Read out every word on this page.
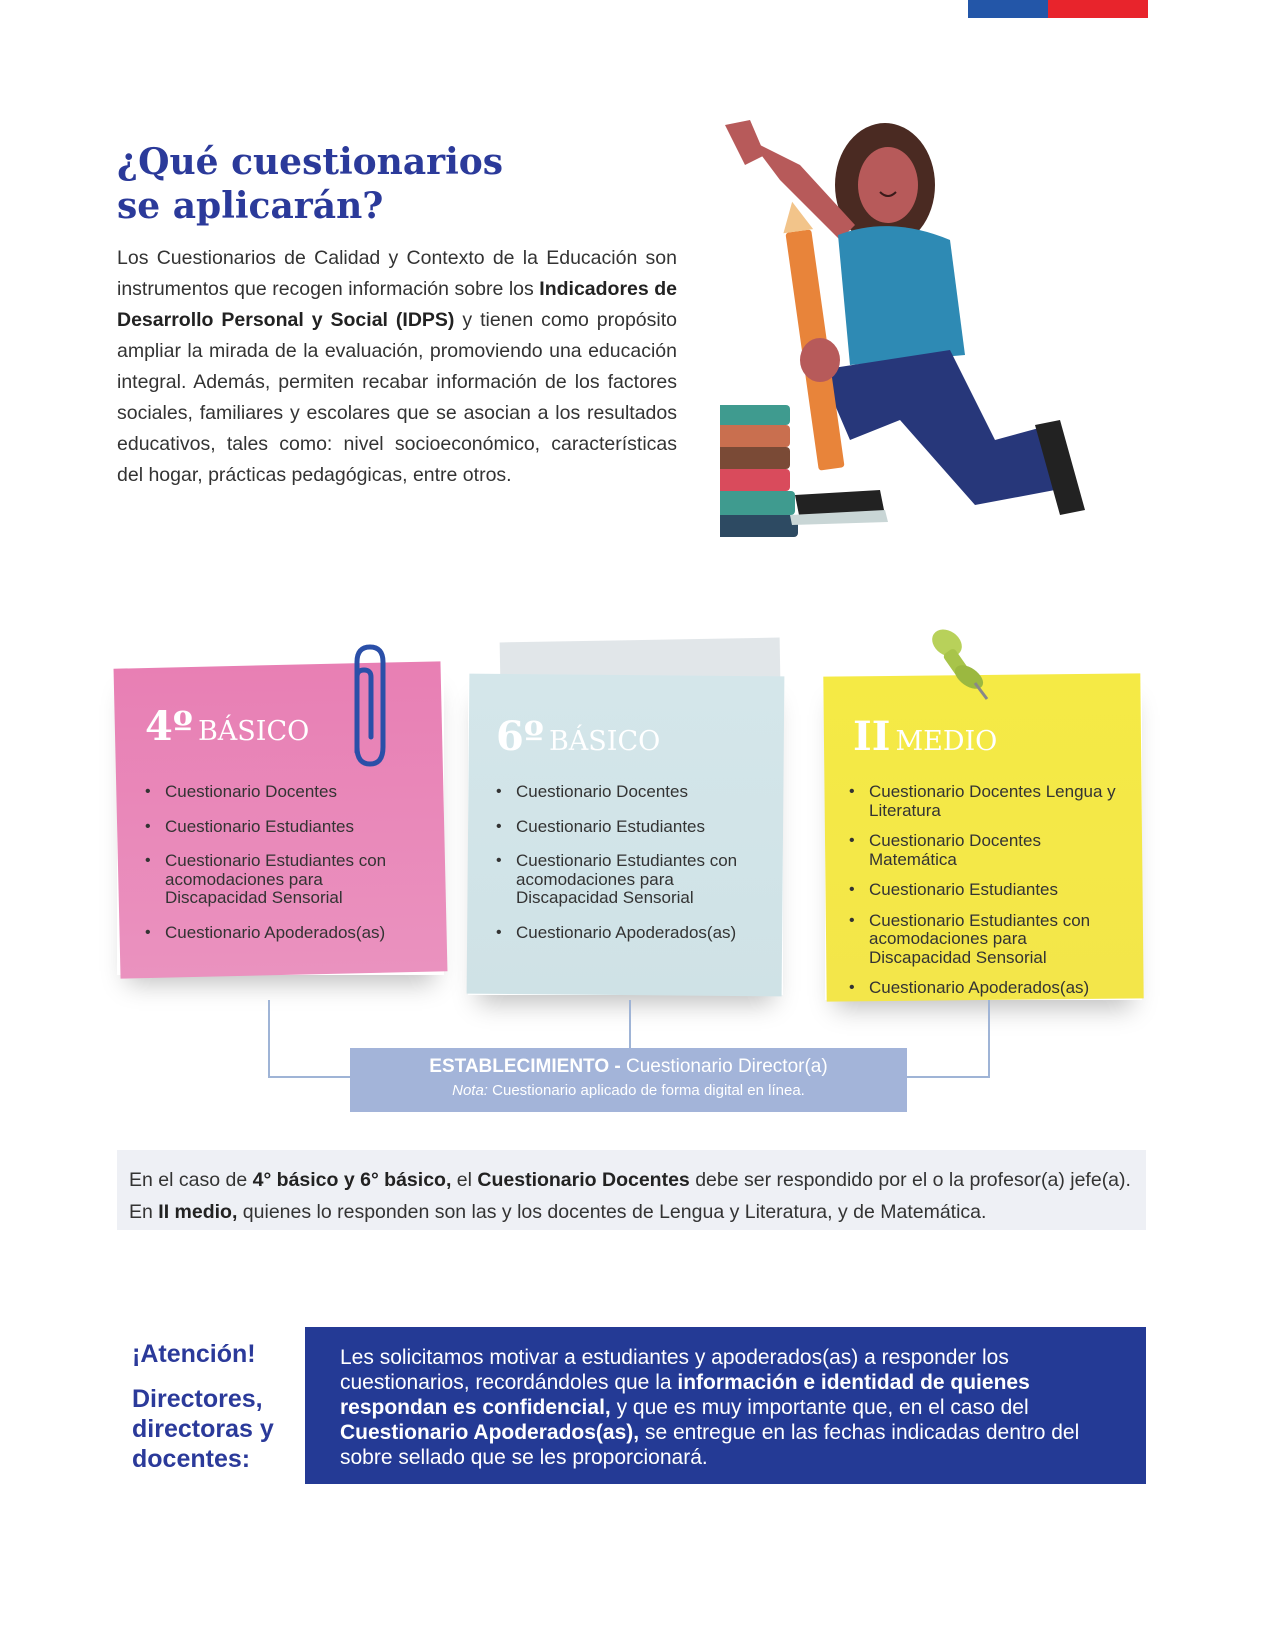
¿Qué cuestionarios
se aplicarán?

Los Cuestionarios de Calidad y Contexto de la Educación son instrumentos que recogen información sobre los Indicadores de Desarrollo Personal y Social (IDPS) y tienen como propósito ampliar la mirada de la evaluación, promoviendo una educación integral. Además, permiten recabar información de los factores sociales, familiares y escolares que se asocian a los resultados educativos, tales como: nivel socioeconómico, características del hogar, prácticas pedagógicas, entre otros.

4º BÁSICO
• Cuestionario Docentes
• Cuestionario Estudiantes
• Cuestionario Estudiantes con acomodaciones para Discapacidad Sensorial
• Cuestionario Apoderados(as)
6º BÁSICO
• Cuestionario Docentes
• Cuestionario Estudiantes
• Cuestionario Estudiantes con acomodaciones para Discapacidad Sensorial
• Cuestionario Apoderados(as)
II MEDIO
• Cuestionario Docentes Lengua y Literatura
• Cuestionario Docentes Matemática
• Cuestionario Estudiantes
• Cuestionario Estudiantes con acomodaciones para Discapacidad Sensorial
• Cuestionario Apoderados(as)
ESTABLECIMIENTO - Cuestionario Director(a)
Nota: Cuestionario aplicado de forma digital en línea.
En el caso de 4° básico y 6° básico, el Cuestionario Docentes debe ser respondido por el o la profesor(a) jefe(a). En II medio, quienes lo responden son las y los docentes de Lengua y Literatura, y de Matemática.
¡Atención!
Directores, directoras y docentes:
Les solicitamos motivar a estudiantes y apoderados(as) a responder los cuestionarios, recordándoles que la información e identidad de quienes respondan es confidencial, y que es muy importante que, en el caso del Cuestionario Apoderados(as), se entregue en las fechas indicadas dentro del sobre sellado que se les proporcionará.
